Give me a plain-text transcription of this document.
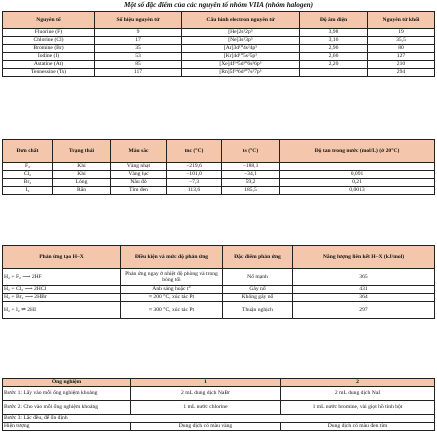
Một số đặc điểm của các nguyên tố nhóm VIIA (nhóm halogen)
Nguyên tố	Số hiệu nguyên tử	Cấu hình electron nguyên tử	Độ âm điện	Nguyên tử khối
Fluorine (F)	9	[He]2s²2p⁵	3,98	19
Chlorine (Cl)	17	[Ne]3s²3p⁵	3,16	35,5
Bromine (Br)	35	[Ar]3d¹⁰4s²4p⁵	2,96	80
Iodine (I)	53	[Kr]4d¹⁰5s²5p⁵	2,66	127
Astatine (At)	85	[Xe]4f¹⁴5d¹⁰6s²6p⁵	2,20	210
Tennessine (Ts)	117	[Rn]5f¹⁴6d¹⁰7s²7p⁵		294
Đơn chất	Trạng thái	Màu sắc	tnc (°C)	ts (°C)	Độ tan trong nước (mol/L) (ở 20°C)
F₂	Khí	Vàng nhạt	−219,6	−188,1	
Cl₂	Khí	Vàng lục	−101,0	−34,1	0,091
Br₂	Lỏng	Nâu đỏ	−7,3	59,2	0,21
I₂	Rắn	Tím đen	113,6	185,5	0,0013
Phản ứng tạo H–X	Điều kiện và mức độ phản ứng	Đặc điểm phản ứng	Năng lượng liên kết H–X (kJ/mol)
H₂ + F₂ ⟶ 2HF	Phản ứng ngay ở nhiệt độ phòng và trong bóng tối	Nổ mạnh	365
H₂ + Cl₂ ⟶ 2HCl	Ánh sáng hoặc t°	Gây nổ	431
H₂ + Br₂ ⟶ 2HBr	≈ 200 °C, xúc tác Pt	Không gây nổ	364
H₂ + I₂ ⇌ 2HI	≈ 300 °C, xúc tác Pt	Thuận nghịch	297
Ống nghiệm	1	2
Bước 1: Lấy vào mỗi ống nghiệm khoảng	2 mL dung dịch NaBr	2 mL dung dịch NaI
Bước 2: Cho vào mỗi ống nghiệm khoảng	1 mL nước chlorine	1 mL nước bromine, vài giọt hồ tinh bột
Bước 3: Lắc đều, để ổn định		
Hiện tượng	Dung dịch có màu vàng	Dung dịch có màu đen tím
